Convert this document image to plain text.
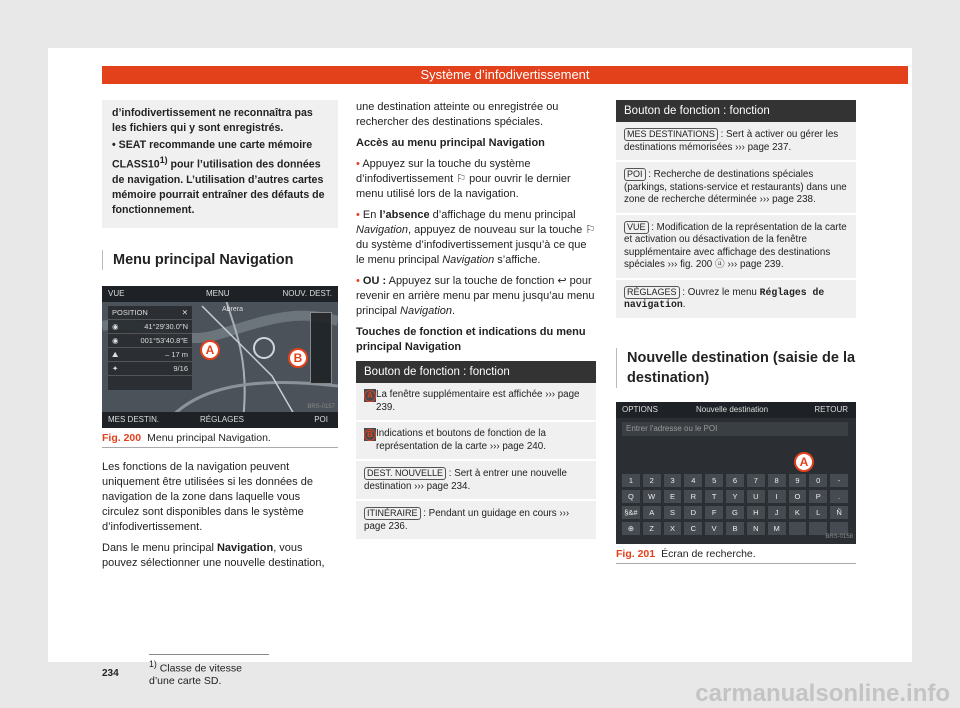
Système d’infodivertissement

d’infodivertissement ne reconnaîtra pas les fichiers qui y sont enregistrés.

• SEAT recommande une carte mémoire CLASS10$^{1)}$ pour l’utilisation des données de navigation. L’utilisation d’autres cartes mémoire pourrait entraîner des défauts de fonctionnement.

Menu principal Navigation
VUE	MENU	NOUV. DEST.
Abrera
POSITION	✕
◉	41°29'30.0"N
◉	001°53'40.8"E
⛰	– 17 m
✦	9/16
A
B
BRS-0157
MES DESTIN.	RÉGLAGES	POI
Fig. 200 Menu principal Navigation.

Les fonctions de la navigation peuvent uniquement être utilisées si les données de navigation de la zone dans laquelle vous circulez sont disponibles dans le système d’infodivertissement.

Dans le menu principal Navigation, vous pouvez sélectionner une nouvelle destination,

une destination atteinte ou enregistrée ou rechercher des destinations spéciales.

Accès au menu principal Navigation

• Appuyez sur la touche du système d’infodivertissement ⚐ pour ouvrir le dernier menu utilisé lors de la navigation.

• En l’absence d’affichage du menu principal Navigation, appuyez de nouveau sur la touche ⚐ du système d’infodivertissement jusqu’à ce que le menu principal Navigation s’affiche.

• OU : Appuyez sur la touche de fonction ↩ pour revenir en arrière menu par menu jusqu’au menu principal Navigation.

Touches de fonction et indications du menu principal Navigation

Bouton de fonction : fonction
A La fenêtre supplémentaire est affichée ››› page 239.
B Indications et boutons de fonction de la représentation de la carte ››› page 240.
DEST. NOUVELLE : Sert à entrer une nouvelle destination ››› page 234.
ITINÉRAIRE : Pendant un guidage en cours ››› page 236.
Bouton de fonction : fonction
MES DESTINATIONS : Sert à activer ou gérer les destinations mémorisées ››› page 237.
POI : Recherche de destinations spéciales (parkings, stations-service et restaurants) dans une zone de recherche déterminée ››› page 238.
VUE : Modification de la représentation de la carte et activation ou désactivation de la fenêtre supplémentaire avec affichage des destinations spéciales ››› fig. 200 ⓐ ››› page 239.
RÉGLAGES : Ouvrez le menu Réglages de navigation.
Nouvelle destination (saisie de la destination)
OPTIONS	Nouvelle destination	RETOUR
Entrer l'adresse ou le POI
A
1	2	3	4	5	6	7	8	9	0	-
Q	W	E	R	T	Y	U	I	O	P	.
§&#	A	S	D	F	G	H	J	K	L	Ñ
⊕	Z	X	C	V	B	N	M
BRS-0158
Fig. 201 Écran de recherche.
$^{1)}$ Classe de vitesse d’une carte SD.
234
carmanualsonline.info
